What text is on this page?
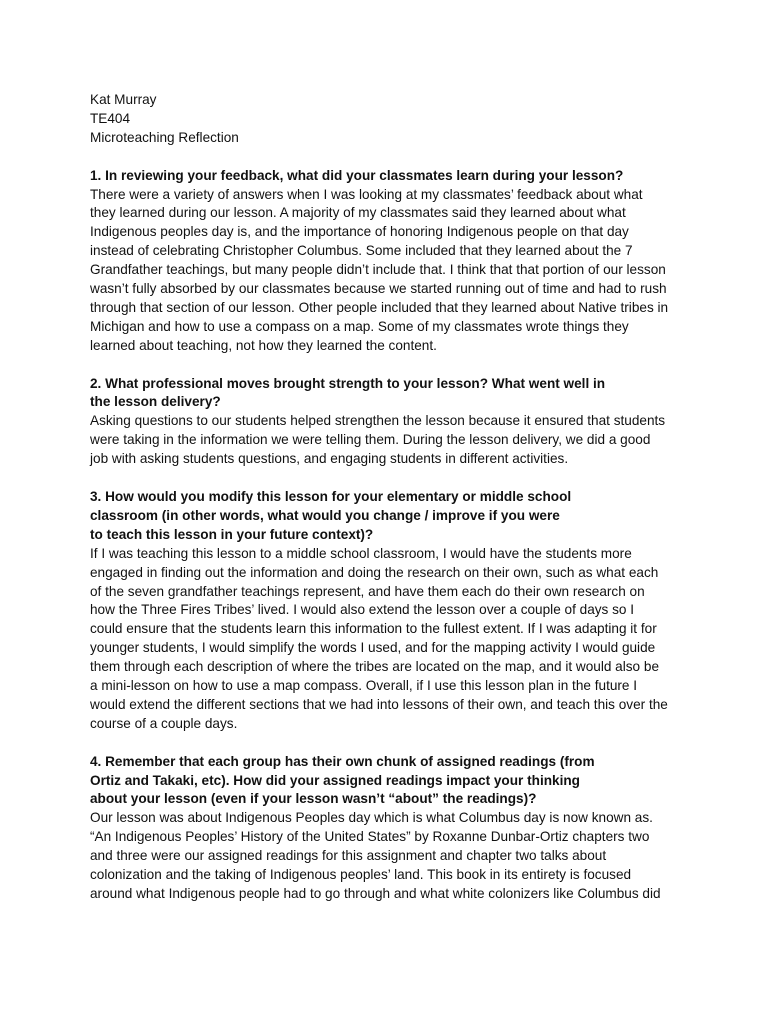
Kat Murray
TE404
Microteaching Reflection
1. In reviewing your feedback, what did your classmates learn during your lesson?
There were a variety of answers when I was looking at my classmates’ feedback about what
they learned during our lesson. A majority of my classmates said they learned about what
Indigenous peoples day is, and the importance of honoring Indigenous people on that day
instead of celebrating Christopher Columbus. Some included that they learned about the 7
Grandfather teachings, but many people didn’t include that. I think that that portion of our lesson
wasn’t fully absorbed by our classmates because we started running out of time and had to rush
through that section of our lesson. Other people included that they learned about Native tribes in
Michigan and how to use a compass on a map. Some of my classmates wrote things they
learned about teaching, not how they learned the content.
2. What professional moves brought strength to your lesson? What went well in
the lesson delivery?
Asking questions to our students helped strengthen the lesson because it ensured that students
were taking in the information we were telling them. During the lesson delivery, we did a good
job with asking students questions, and engaging students in different activities.
3. How would you modify this lesson for your elementary or middle school
classroom (in other words, what would you change / improve if you were
to teach this lesson in your future context)?
If I was teaching this lesson to a middle school classroom, I would have the students more
engaged in finding out the information and doing the research on their own, such as what each
of the seven grandfather teachings represent, and have them each do their own research on
how the Three Fires Tribes’ lived. I would also extend the lesson over a couple of days so I
could ensure that the students learn this information to the fullest extent. If I was adapting it for
younger students, I would simplify the words I used, and for the mapping activity I would guide
them through each description of where the tribes are located on the map, and it would also be
a mini-lesson on how to use a map compass. Overall, if I use this lesson plan in the future I
would extend the different sections that we had into lessons of their own, and teach this over the
course of a couple days.
4. Remember that each group has their own chunk of assigned readings (from
Ortiz and Takaki, etc). How did your assigned readings impact your thinking
about your lesson (even if your lesson wasn’t “about” the readings)?
Our lesson was about Indigenous Peoples day which is what Columbus day is now known as.
“An Indigenous Peoples’ History of the United States” by Roxanne Dunbar-Ortiz chapters two
and three were our assigned readings for this assignment and chapter two talks about
colonization and the taking of Indigenous peoples’ land. This book in its entirety is focused
around what Indigenous people had to go through and what white colonizers like Columbus did
